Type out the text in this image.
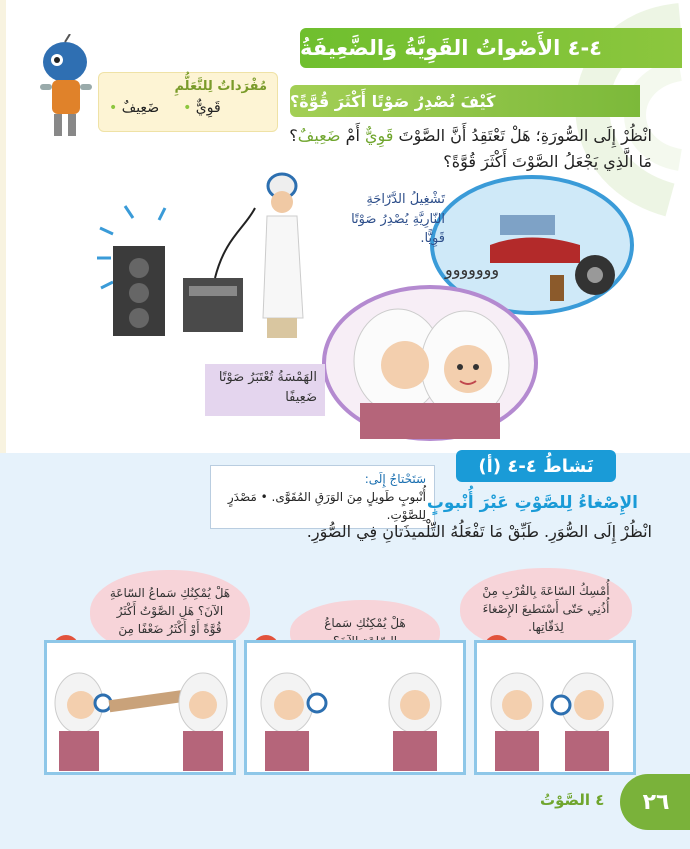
٤-٤ الأَصْواتُ القَوِيَّةُ وَالضَّعِيفَةُ
مُفْرَداتٌ لِلتَّعَلُّمِ
قَوِيٌّ •
ضَعِيفٌ •	كَيْفَ نُصْدِرُ صَوْتًا أَكْثَرَ قُوَّةً؟
انْظُرْ إِلَى الصُّورَةِ؛ هَلْ تَعْتَقِدُ أَنَّ الصَّوْتَ قَوِيٌّ أَمْ ضَعِيفٌ؟
مَا الَّذِي يَجْعَلُ الصَّوْتَ أَكْثَرَ قُوَّةً؟
ووووووو
تَشْغِيلُ الدَّرّاجَةِ النّارِيَّةِ يُصْدِرُ صَوْتًا قَوِيًّا.
الهَمْسَةُ تُعْتَبَرُ صَوْتًا ضَعِيفًا
نَشاطُ ٤-٤ (أ)
سَتَحْتاجُ إِلَى:
أُنْبوبٍ طَويلٍ مِنَ الوَرَقِ المُقَوَّى. • مَصْدَرٍ لِلصَّوْتِ.
الإِصْغاءُ لِلصَّوْتِ عَبْرَ أُنْبوبٍ
انْظُرْ إِلَى الصُّوَرِ. طَبِّقْ مَا تَفْعَلُهُ التِّلْميذَتانِ فِي الصُّوَرِ.
أُمْسِكُ السّاعَةَ بِالقُرْبِ مِنْ أُذُنِي حَتّى أَسْتَطيعَ الإِصْغاءَ لِدَقّاتِها.
هَلْ يُمْكِنُكِ سَماعُ
هَلْ يُمْكِنُكِ سَماعُ السّاعَةِ الآنَ؟ هَلِ الصَّوْتُ أَكْثَرُ قُوَّةً أَوْ أَكْثَرُ ضَعْفًا مِنَ
٤ الصَّوْتُ	٢٦
